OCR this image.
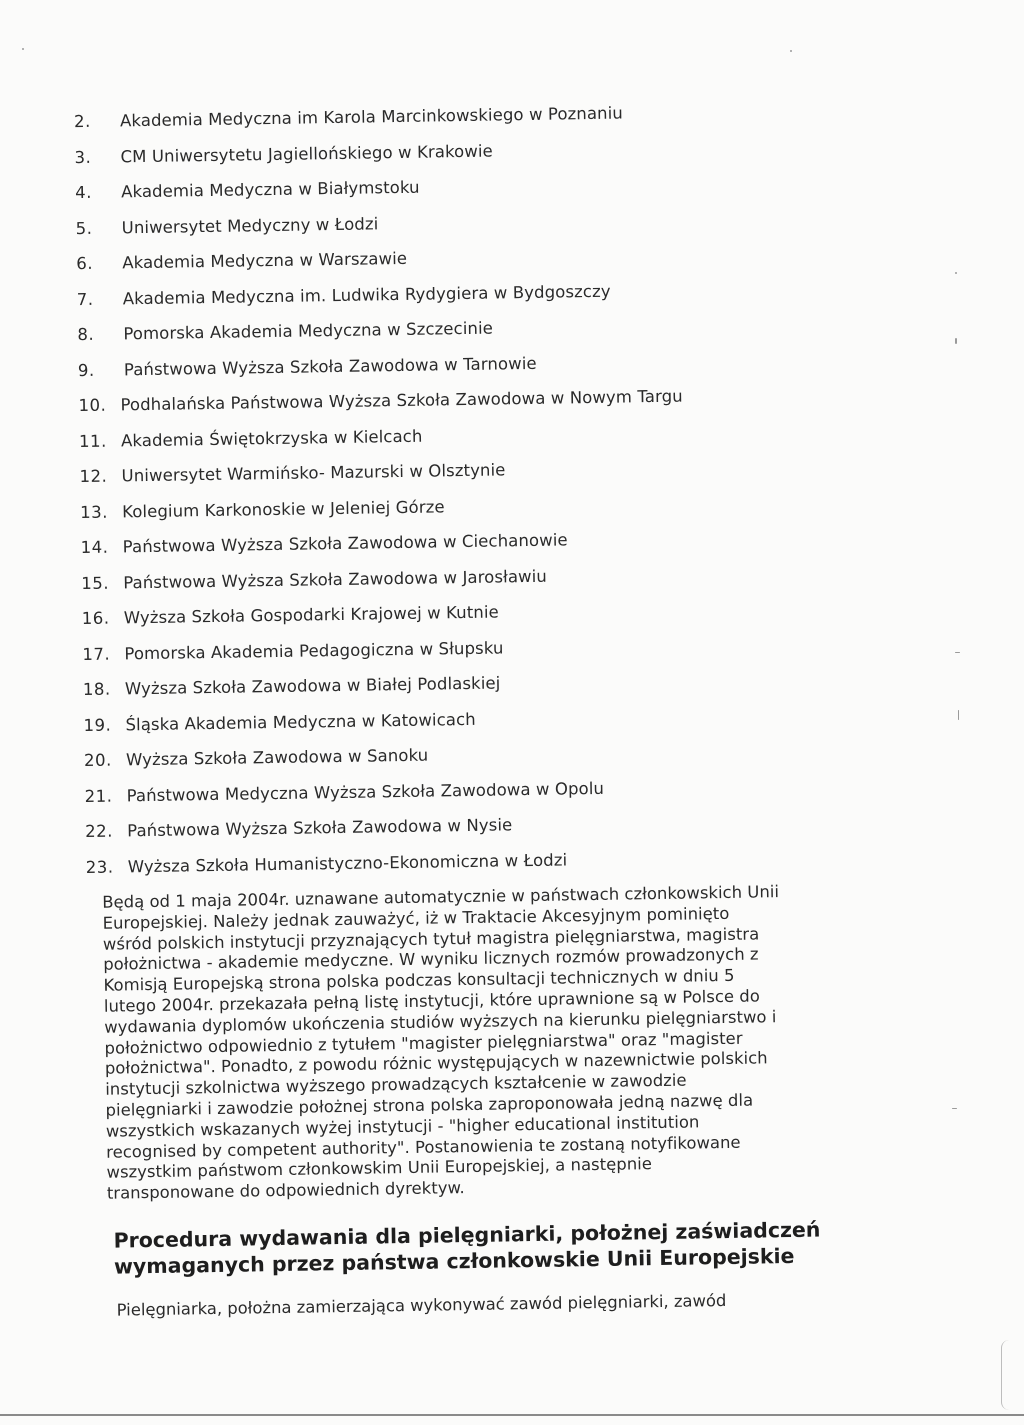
2.	Akademia Medyczna im Karola Marcinkowskiego w Poznaniu
3.	CM Uniwersytetu Jagiellońskiego w Krakowie
4.	Akademia Medyczna w Białymstoku
5.	Uniwersytet Medyczny w Łodzi
6.	Akademia Medyczna w Warszawie
7.	Akademia Medyczna im. Ludwika Rydygiera w Bydgoszczy
8.	Pomorska Akademia Medyczna w Szczecinie
9.	Państwowa Wyższa Szkoła Zawodowa w Tarnowie
10. Podhalańska Państwowa Wyższa Szkoła Zawodowa w Nowym Targu
11. Akademia Świętokrzyska w Kielcach
12. Uniwersytet Warmińsko- Mazurski w Olsztynie
13. Kolegium Karkonoskie w Jeleniej Górze
14. Państwowa Wyższa Szkoła Zawodowa w Ciechanowie
15. Państwowa Wyższa Szkoła Zawodowa w Jarosławiu
16. Wyższa Szkoła Gospodarki Krajowej w Kutnie
17. Pomorska Akademia Pedagogiczna w Słupsku
18. Wyższa Szkoła Zawodowa w Białej Podlaskiej
19. Śląska Akademia Medyczna w Katowicach
20. Wyższa Szkoła Zawodowa w Sanoku
21. Państwowa Medyczna Wyższa Szkoła Zawodowa w Opolu
22. Państwowa Wyższa Szkoła Zawodowa w Nysie
23. Wyższa Szkoła Humanistyczno-Ekonomiczna w Łodzi

Będą od 1 maja 2004r. uznawane automatycznie w państwach członkowskich Unii
Europejskiej. Należy jednak zauważyć, iż w Traktacie Akcesyjnym pominięto
wśród polskich instytucji przyznających tytuł magistra pielęgniarstwa, magistra
położnictwa - akademie medyczne. W wyniku licznych rozmów prowadzonych z
Komisją Europejską strona polska podczas konsultacji technicznych w dniu 5
lutego 2004r. przekazała pełną listę instytucji, które uprawnione są w Polsce do
wydawania dyplomów ukończenia studiów wyższych na kierunku pielęgniarstwo i
położnictwo odpowiednio z tytułem "magister pielęgniarstwa" oraz "magister
położnictwa". Ponadto, z powodu różnic występujących w nazewnictwie polskich
instytucji szkolnictwa wyższego prowadzących kształcenie w zawodzie
pielęgniarki i zawodzie położnej strona polska zaproponowała jedną nazwę dla
wszystkich wskazanych wyżej instytucji - "higher educational institution
recognised by competent authority". Postanowienia te zostaną notyfikowane
wszystkim państwom członkowskim Unii Europejskiej, a następnie
transponowane do odpowiednich dyrektyw.

Procedura wydawania dla pielęgniarki, położnej zaświadczeń
wymaganych przez państwa członkowskie Unii Europejskie

Pielęgniarka, położna zamierzająca wykonywać zawód pielęgniarki, zawód
